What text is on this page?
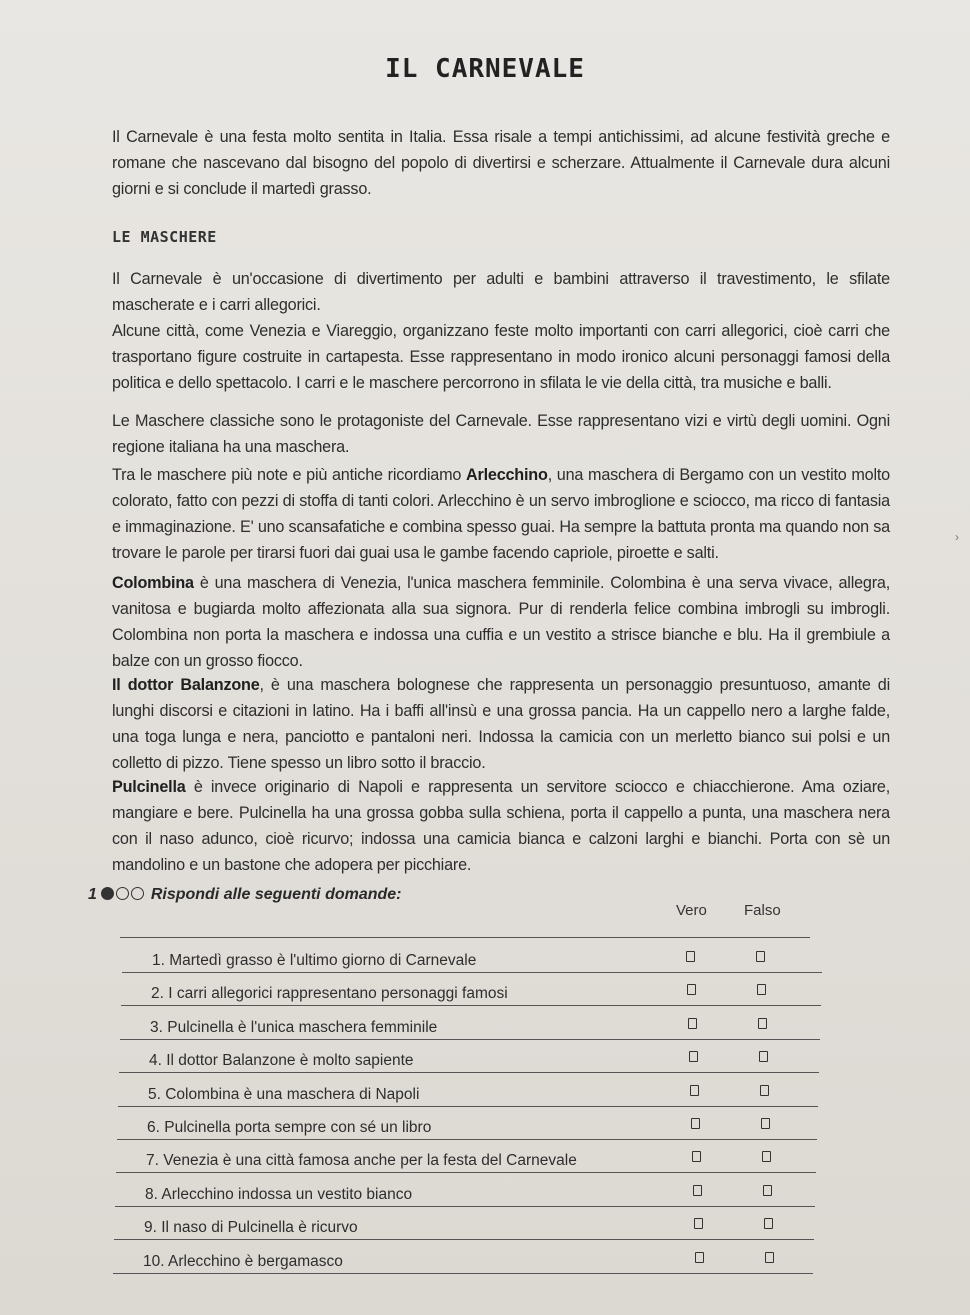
IL CARNEVALE
Il Carnevale è una festa molto sentita in Italia. Essa risale a tempi antichissimi, ad alcune festività greche e romane che nascevano dal bisogno del popolo di divertirsi e scherzare. Attualmente il Carnevale dura alcuni giorni e si conclude il martedì grasso.
LE MASCHERE
Il Carnevale è un'occasione di divertimento per adulti e bambini attraverso il travestimento, le sfilate mascherate e i carri allegorici.
Alcune città, come Venezia e Viareggio, organizzano feste molto importanti con carri allegorici, cioè carri che trasportano figure costruite in cartapesta. Esse rappresentano in modo ironico alcuni personaggi famosi della politica e dello spettacolo. I carri e le maschere percorrono in sfilata le vie della città, tra musiche e balli.
Le Maschere classiche sono le protagoniste del Carnevale. Esse rappresentano vizi e virtù degli uomini. Ogni regione italiana ha una maschera.
Tra le maschere più note e più antiche ricordiamo Arlecchino, una maschera di Bergamo con un vestito molto colorato, fatto con pezzi di stoffa di tanti colori. Arlecchino è un servo imbroglione e sciocco, ma ricco di fantasia e immaginazione. E' uno scansafatiche e combina spesso guai. Ha sempre la battuta pronta ma quando non sa trovare le parole per tirarsi fuori dai guai usa le gambe facendo capriole, piroette e salti.
Colombina è una maschera di Venezia, l'unica maschera femminile. Colombina è una serva vivace, allegra, vanitosa e bugiarda molto affezionata alla sua signora. Pur di renderla felice combina imbrogli su imbrogli. Colombina non porta la maschera e indossa una cuffia e un vestito a strisce bianche e blu. Ha il grembiule a balze con un grosso fiocco.
Il dottor Balanzone, è una maschera bolognese che rappresenta un personaggio presuntuoso, amante di lunghi discorsi e citazioni in latino. Ha i baffi all'insù e una grossa pancia. Ha un cappello nero a larghe falde, una toga lunga e nera, panciotto e pantaloni neri. Indossa la camicia con un merletto bianco sui polsi e un colletto di pizzo. Tiene spesso un libro sotto il braccio.
Pulcinella è invece originario di Napoli e rappresenta un servitore sciocco e chiacchierone. Ama oziare, mangiare e bere. Pulcinella ha una grossa gobba sulla schiena, porta il cappello a punta, una maschera nera con il naso adunco, cioè ricurvo; indossa una camicia bianca e calzoni larghi e bianchi. Porta con sè un mandolino e un bastone che adopera per picchiare.
1	Rispondi alle seguenti domande:
Vero Falso
1. Martedì grasso è l'ultimo giorno di Carnevale
2. I carri allegorici rappresentano personaggi famosi
3. Pulcinella è l'unica maschera femminile
4. Il dottor Balanzone è molto sapiente
5. Colombina è una maschera di Napoli
6. Pulcinella porta sempre con sé un libro
7. Venezia è una città famosa anche per la festa del Carnevale
8. Arlecchino indossa un vestito bianco
9. Il naso di Pulcinella è ricurvo
10. Arlecchino è bergamasco
›
